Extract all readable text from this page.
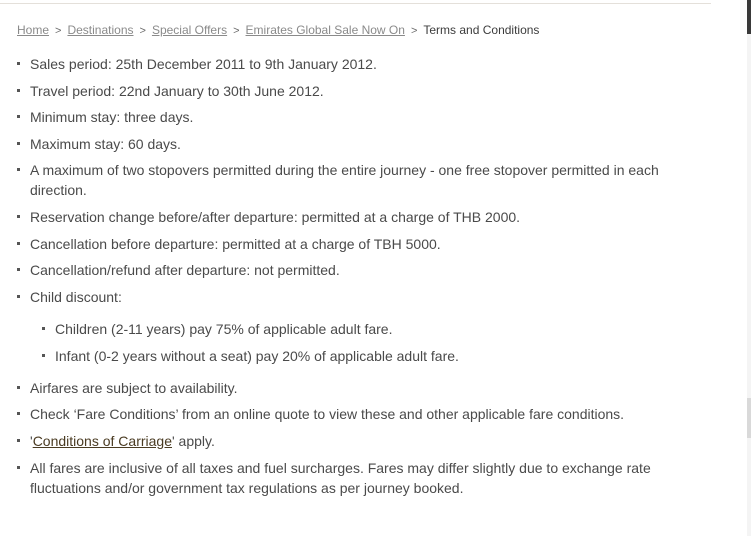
Home > Destinations > Special Offers > Emirates Global Sale Now On > Terms and Conditions
Sales period: 25th December 2011 to 9th January 2012.
Travel period: 22nd January to 30th June 2012.
Minimum stay: three days.
Maximum stay: 60 days.
A maximum of two stopovers permitted during the entire journey - one free stopover permitted in each direction.
Reservation change before/after departure: permitted at a charge of THB 2000.
Cancellation before departure: permitted at a charge of TBH 5000.
Cancellation/refund after departure: not permitted.
Child discount:
Children (2-11 years) pay 75% of applicable adult fare.
Infant (0-2 years without a seat) pay 20% of applicable adult fare.
Airfares are subject to availability.
Check ‘Fare Conditions’ from an online quote to view these and other applicable fare conditions.
'Conditions of Carriage' apply.
All fares are inclusive of all taxes and fuel surcharges. Fares may differ slightly due to exchange rate fluctuations and/or government tax regulations as per journey booked.
